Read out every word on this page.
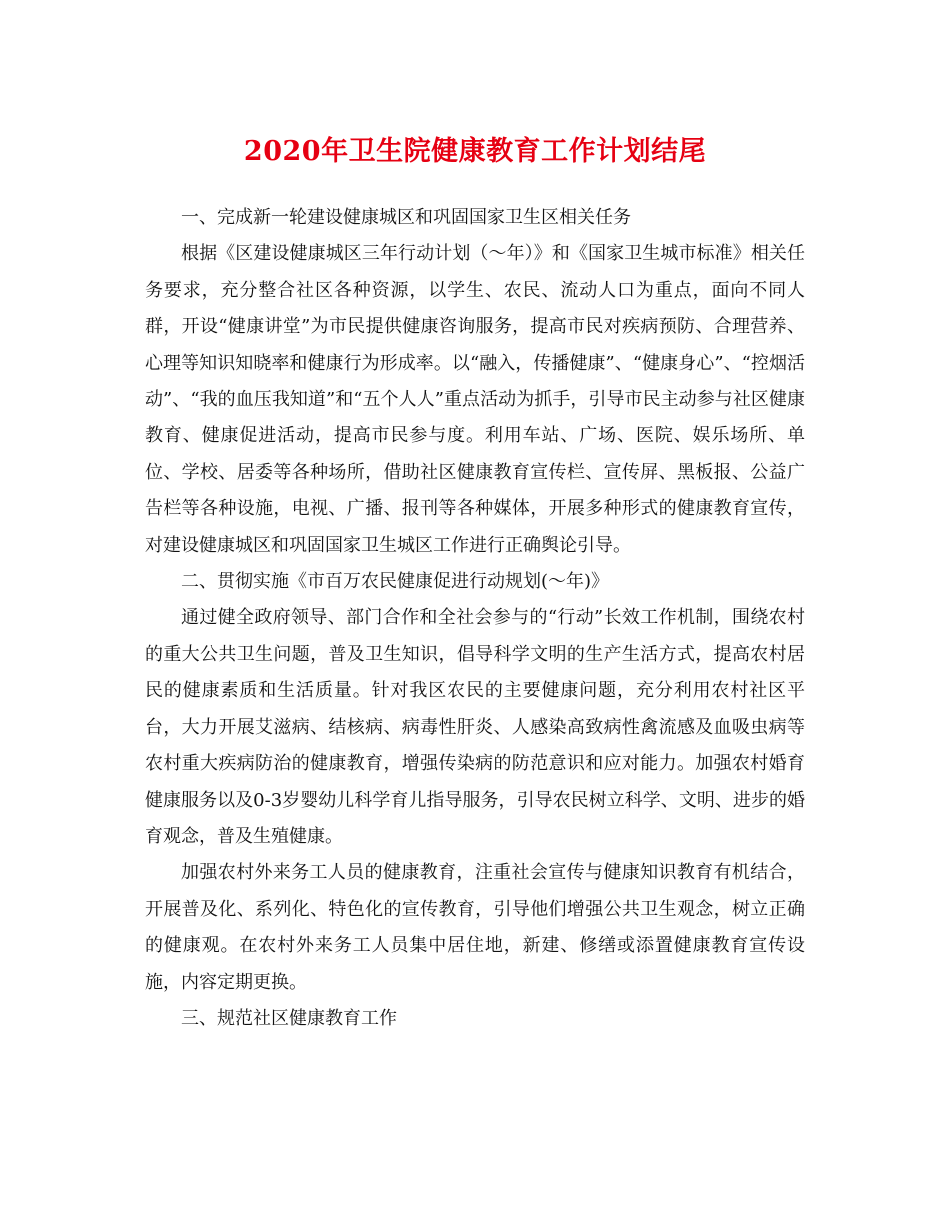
2020年卫生院健康教育工作计划结尾

一、完成新一轮建设健康城区和巩固国家卫生区相关任务

根据《区建设健康城区三年行动计划（～年）》和《国家卫生城市标准》相关任务要求，充分整合社区各种资源，以学生、农民、流动人口为重点，面向不同人群，开设“健康讲堂”为市民提供健康咨询服务，提高市民对疾病预防、合理营养、心理等知识知晓率和健康行为形成率。以“融入，传播健康”、“健康身心”、“控烟活动”、“我的血压我知道”和“五个人人”重点活动为抓手，引导市民主动参与社区健康教育、健康促进活动，提高市民参与度。利用车站、广场、医院、娱乐场所、单位、学校、居委等各种场所，借助社区健康教育宣传栏、宣传屏、黑板报、公益广告栏等各种设施，电视、广播、报刊等各种媒体，开展多种形式的健康教育宣传，对建设健康城区和巩固国家卫生城区工作进行正确舆论引导。

二、贯彻实施《市百万农民健康促进行动规划(～年)》

通过健全政府领导、部门合作和全社会参与的“行动”长效工作机制，围绕农村的重大公共卫生问题，普及卫生知识，倡导科学文明的生产生活方式，提高农村居民的健康素质和生活质量。针对我区农民的主要健康问题，充分利用农村社区平台，大力开展艾滋病、结核病、病毒性肝炎、人感染高致病性禽流感及血吸虫病等农村重大疾病防治的健康教育，增强传染病的防范意识和应对能力。加强农村婚育健康服务以及0-3岁婴幼儿科学育儿指导服务，引导农民树立科学、文明、进步的婚育观念，普及生殖健康。

加强农村外来务工人员的健康教育，注重社会宣传与健康知识教育有机结合，开展普及化、系列化、特色化的宣传教育，引导他们增强公共卫生观念，树立正确的健康观。在农村外来务工人员集中居住地，新建、修缮或添置健康教育宣传设施，内容定期更换。

三、规范社区健康教育工作
